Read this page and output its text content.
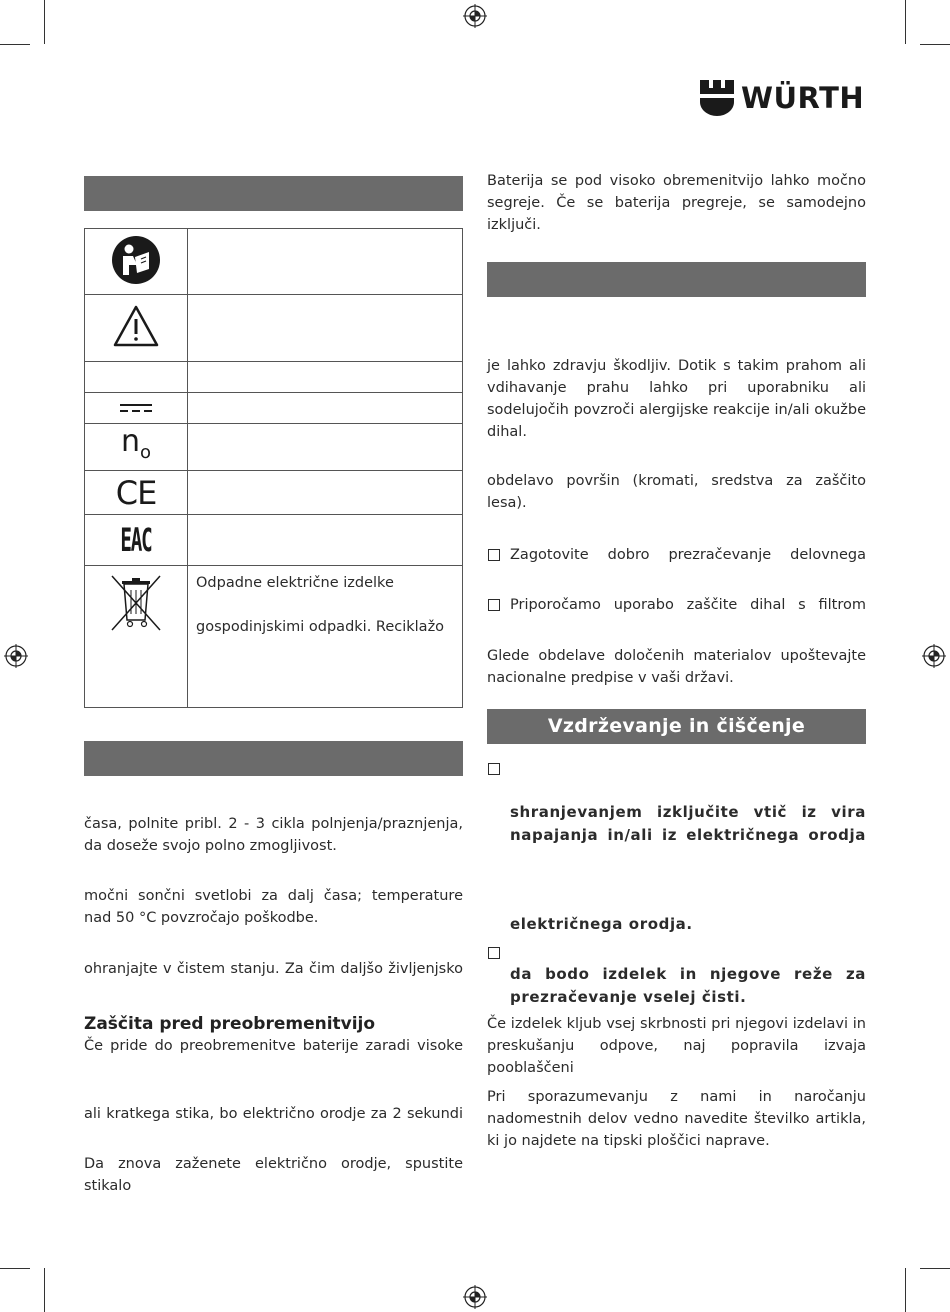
WÜRTH

$n_o$	
CE	
EAC	

Odpadne električne izdelke
gospodinjskimi odpadki. Reciklažo
časa, polnite pribl. 2 - 3 cikla polnjenja/praznjenja, da doseže svojo polno zmogljivost.
močni sončni svetlobi za dalj časa; temperature nad 50 °C povzročajo poškodbe.
ohranjajte v čistem stanju. Za čim daljšo življenjsko
Zaščita pred preobremenitvijo
Če pride do preobremenitve baterije zaradi visoke
ali kratkega stika, bo električno orodje za 2 sekundi
Da znova zaženete električno orodje, spustite stikalo
Baterija se pod visoko obremenitvijo lahko močno segreje. Če se baterija pregreje, se samodejno izključi.
je lahko zdravju škodljiv. Dotik s takim prahom ali vdihavanje prahu lahko pri uporabniku ali sodelujočih povzroči alergijske reakcije in/ali okužbe dihal.
obdelavo površin (kromati, sredstva za zaščito lesa).
Zagotovite dobro prezračevanje delovnega
Priporočamo uporabo zaščite dihal s filtrom
Glede obdelave določenih materialov upoštevajte nacionalne predpise v vaši državi.
Vzdrževanje in čiščenje
shranjevanjem izključite vtič iz vira
napajanja in/ali iz električnega orodja
električnega orodja.
da bodo izdelek in njegove reže za
prezračevanje vselej čisti.
Če izdelek kljub vsej skrbnosti pri njegovi izdelavi in preskušanju odpove, naj popravila izvaja pooblaščeni
Pri sporazumevanju z nami in naročanju nadomestnih delov vedno navedite številko artikla, ki jo najdete na tipski ploščici naprave.
